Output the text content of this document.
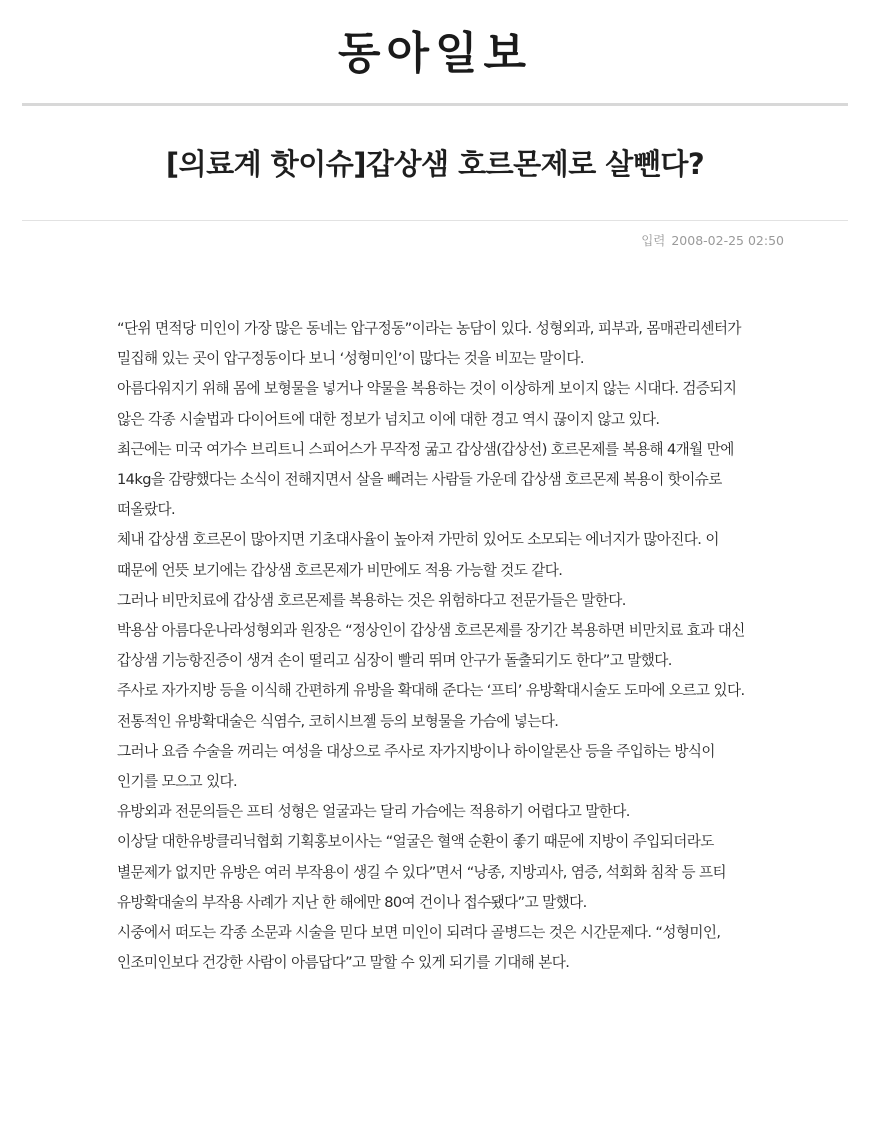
동아일보
[의료계 핫이슈]갑상샘 호르몬제로 살뺀다?
입력 2008-02-25 02:50

“단위 면적당 미인이 가장 많은 동네는 압구정동”이라는 농담이 있다. 성형외과, 피부과, 몸매관리센터가 밀집해 있는 곳이 압구정동이다 보니 ‘성형미인’이 많다는 것을 비꼬는 말이다.

아름다워지기 위해 몸에 보형물을 넣거나 약물을 복용하는 것이 이상하게 보이지 않는 시대다. 검증되지 않은 각종 시술법과 다이어트에 대한 정보가 넘치고 이에 대한 경고 역시 끊이지 않고 있다.

최근에는 미국 여가수 브리트니 스피어스가 무작정 굶고 갑상샘(갑상선) 호르몬제를 복용해 4개월 만에 14kg을 감량했다는 소식이 전해지면서 살을 빼려는 사람들 가운데 갑상샘 호르몬제 복용이 핫이슈로 떠올랐다.

체내 갑상샘 호르몬이 많아지면 기초대사율이 높아져 가만히 있어도 소모되는 에너지가 많아진다. 이 때문에 언뜻 보기에는 갑상샘 호르몬제가 비만에도 적용 가능할 것도 같다.

그러나 비만치료에 갑상샘 호르몬제를 복용하는 것은 위험하다고 전문가들은 말한다.

박용삼 아름다운나라성형외과 원장은 “정상인이 갑상샘 호르몬제를 장기간 복용하면 비만치료 효과 대신 갑상샘 기능항진증이 생겨 손이 떨리고 심장이 빨리 뛰며 안구가 돌출되기도 한다”고 말했다.

주사로 자가지방 등을 이식해 간편하게 유방을 확대해 준다는 ‘프티’ 유방확대시술도 도마에 오르고 있다. 전통적인 유방확대술은 식염수, 코히시브젤 등의 보형물을 가슴에 넣는다.

그러나 요즘 수술을 꺼리는 여성을 대상으로 주사로 자가지방이나 하이알론산 등을 주입하는 방식이 인기를 모으고 있다.

유방외과 전문의들은 프티 성형은 얼굴과는 달리 가슴에는 적용하기 어렵다고 말한다.

이상달 대한유방클리닉협회 기획홍보이사는 “얼굴은 혈액 순환이 좋기 때문에 지방이 주입되더라도 별문제가 없지만 유방은 여러 부작용이 생길 수 있다”면서 “낭종, 지방괴사, 염증, 석회화 침착 등 프티 유방확대술의 부작용 사례가 지난 한 해에만 80여 건이나 접수됐다”고 말했다.

시중에서 떠도는 각종 소문과 시술을 믿다 보면 미인이 되려다 골병드는 것은 시간문제다. “성형미인, 인조미인보다 건강한 사람이 아름답다”고 말할 수 있게 되기를 기대해 본다.
